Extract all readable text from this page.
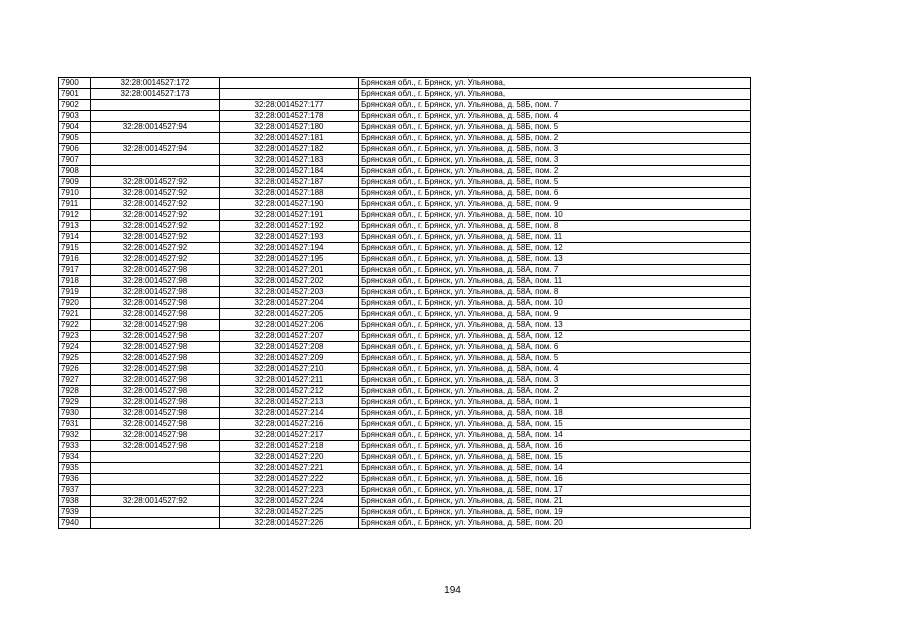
7900	32:28:0014527:172		Брянская обл., г. Брянск, ул. Ульянова,
7901	32:28:0014527:173		Брянская обл., г. Брянск, ул. Ульянова,
7902		32:28:0014527:177	Брянская обл., г. Брянск, ул. Ульянова, д. 58Б, пом. 7
7903		32:28:0014527:178	Брянская обл., г. Брянск, ул. Ульянова, д. 58Б, пом. 4
7904	32:28:0014527:94	32:28:0014527:180	Брянская обл., г. Брянск, ул. Ульянова, д. 58Б, пом. 5
7905		32:28:0014527:181	Брянская обл., г. Брянск, ул. Ульянова, д. 58Б, пом. 2
7906	32:28:0014527:94	32:28:0014527:182	Брянская обл., г. Брянск, ул. Ульянова, д. 58Б, пом. 3
7907		32:28:0014527:183	Брянская обл., г. Брянск, ул. Ульянова, д. 58Е, пом. 3
7908		32:28:0014527:184	Брянская обл., г. Брянск, ул. Ульянова, д. 58Е, пом. 2
7909	32:28:0014527:92	32:28:0014527:187	Брянская обл., г. Брянск, ул. Ульянова, д. 58Е, пом. 5
7910	32:28:0014527:92	32:28:0014527:188	Брянская обл., г. Брянск, ул. Ульянова, д. 58Е, пом. 6
7911	32:28:0014527:92	32:28:0014527:190	Брянская обл., г. Брянск, ул. Ульянова, д. 58Е, пом. 9
7912	32:28:0014527:92	32:28:0014527:191	Брянская обл., г. Брянск, ул. Ульянова, д. 58Е, пом. 10
7913	32:28:0014527:92	32:28:0014527:192	Брянская обл., г. Брянск, ул. Ульянова, д. 58Е, пом. 8
7914	32:28:0014527:92	32:28:0014527:193	Брянская обл., г. Брянск, ул. Ульянова, д. 58Е, пом. 11
7915	32:28:0014527:92	32:28:0014527:194	Брянская обл., г. Брянск, ул. Ульянова, д. 58Е, пом. 12
7916	32:28:0014527:92	32:28:0014527:195	Брянская обл., г. Брянск, ул. Ульянова, д. 58Е, пом. 13
7917	32:28:0014527:98	32:28:0014527:201	Брянская обл., г. Брянск, ул. Ульянова, д. 58А, пом. 7
7918	32:28:0014527:98	32:28:0014527:202	Брянская обл., г. Брянск, ул. Ульянова, д. 58А, пом. 11
7919	32:28:0014527:98	32:28:0014527:203	Брянская обл., г. Брянск, ул. Ульянова, д. 58А, пом. 8
7920	32:28:0014527:98	32:28:0014527:204	Брянская обл., г. Брянск, ул. Ульянова, д. 58А, пом. 10
7921	32:28:0014527:98	32:28:0014527:205	Брянская обл., г. Брянск, ул. Ульянова, д. 58А, пом. 9
7922	32:28:0014527:98	32:28:0014527:206	Брянская обл., г. Брянск, ул. Ульянова, д. 58А, пом. 13
7923	32:28:0014527:98	32:28:0014527:207	Брянская обл., г. Брянск, ул. Ульянова, д. 58А, пом. 12
7924	32:28:0014527:98	32:28:0014527:208	Брянская обл., г. Брянск, ул. Ульянова, д. 58А, пом. 6
7925	32:28:0014527:98	32:28:0014527:209	Брянская обл., г. Брянск, ул. Ульянова, д. 58А, пом. 5
7926	32:28:0014527:98	32:28:0014527:210	Брянская обл., г. Брянск, ул. Ульянова, д. 58А, пом. 4
7927	32:28:0014527:98	32:28:0014527:211	Брянская обл., г. Брянск, ул. Ульянова, д. 58А, пом. 3
7928	32:28:0014527:98	32:28:0014527:212	Брянская обл., г. Брянск, ул. Ульянова, д. 58А, пом. 2
7929	32:28:0014527:98	32:28:0014527:213	Брянская обл., г. Брянск, ул. Ульянова, д. 58А, пом. 1
7930	32:28:0014527:98	32:28:0014527:214	Брянская обл., г. Брянск, ул. Ульянова, д. 58А, пом. 18
7931	32:28:0014527:98	32:28:0014527:216	Брянская обл., г. Брянск, ул. Ульянова, д. 58А, пом. 15
7932	32:28:0014527:98	32:28:0014527:217	Брянская обл., г. Брянск, ул. Ульянова, д. 58А, пом. 14
7933	32:28:0014527:98	32:28:0014527:218	Брянская обл., г. Брянск, ул. Ульянова, д. 58А, пом. 16
7934		32:28:0014527:220	Брянская обл., г. Брянск, ул. Ульянова, д. 58Е, пом. 15
7935		32:28:0014527:221	Брянская обл., г. Брянск, ул. Ульянова, д. 58Е, пом. 14
7936		32:28:0014527:222	Брянская обл., г. Брянск, ул. Ульянова, д. 58Е, пом. 16
7937		32:28:0014527:223	Брянская обл., г. Брянск, ул. Ульянова, д. 58Е, пом. 17
7938	32:28:0014527:92	32:28:0014527:224	Брянская обл., г. Брянск, ул. Ульянова, д. 58Е, пом. 21
7939		32:28:0014527:225	Брянская обл., г. Брянск, ул. Ульянова, д. 58Е, пом. 19
7940		32:28:0014527:226	Брянская обл., г. Брянск, ул. Ульянова, д. 58Е, пом. 20
194
